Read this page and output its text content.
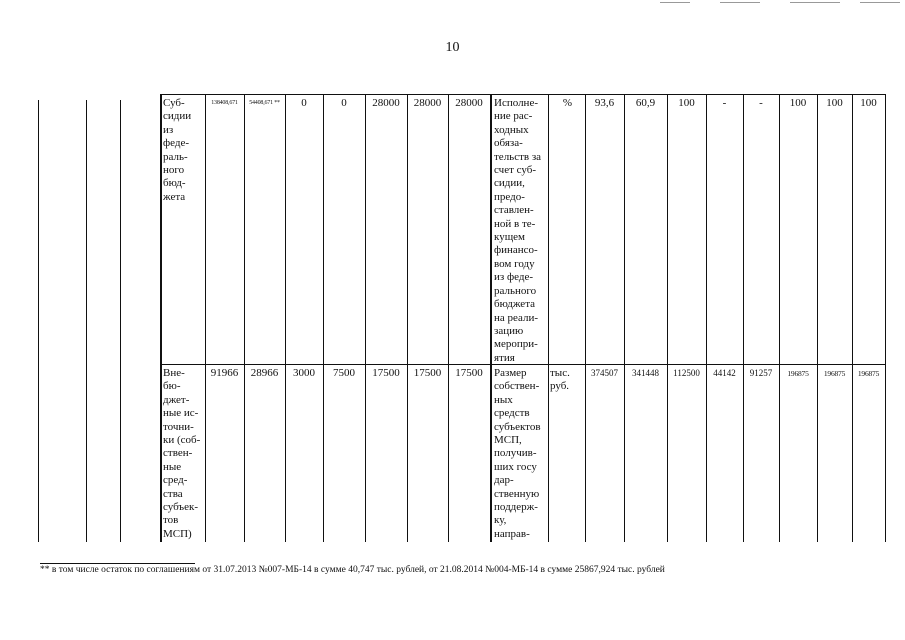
10
Суб-
сидии
из
феде-
раль-
ного
бюд-
жета
138408,671	54408,671 **	0	0	28000	28000	28000	Исполне-
ние рас-
ходных
обяза-
тельств за
счет суб-
сидии,
предо-
ставлен-
ной в те-
кущем
финансо-
вом году
из феде-
рального
бюджета
на реали-
зацию
меропри-
ятия
%	93,6	60,9	100	-	-	100	100	100
Вне-
бю-
джет-
ные ис-
точни-
ки (соб-
ствен-
ные
сред-
ства
субъек-
тов
МСП)
91966	28966	3000	7500	17500	17500	17500	Размер
собствен-
ных
средств
субъектов
МСП,
получив-
ших госу
дар-
ственную
поддерж-
ку,
направ-
тыс.
руб.
374507	341448	112500	44142	91257	196875	196875	196875
** в том числе остаток по соглашениям от 31.07.2013 №007-МБ-14 в сумме 40,747 тыс. рублей, от 21.08.2014 №004-МБ-14 в сумме 25867,924 тыс. рублей
